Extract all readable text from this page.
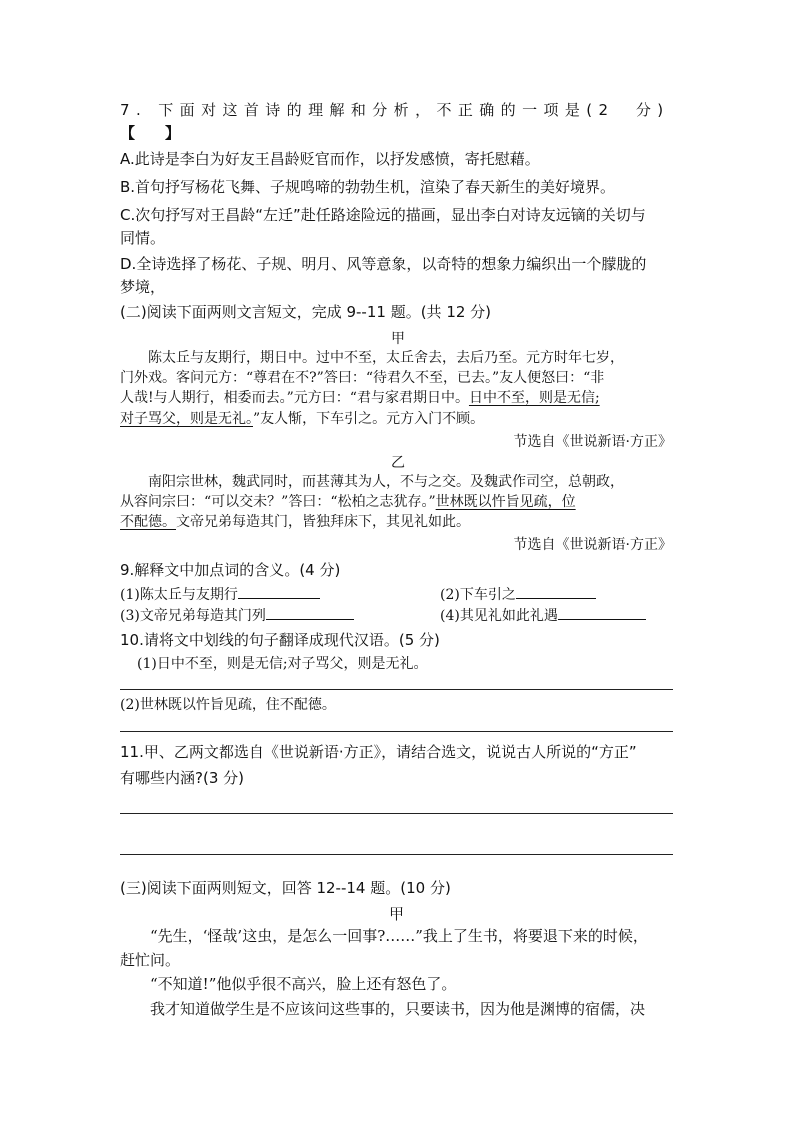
7. 下面对这首诗的理解和分析，不正确的一项是(2　分)
【　　】
A.此诗是李白为好友王昌龄贬官而作，以抒发感愤，寄托慰藉。
B.首句抒写杨花飞舞、子规鸣啼的勃勃生机，渲染了春天新生的美好境界。
C.次句抒写对王昌龄“左迁”赴任路途险远的描画，显出李白对诗友远镝的关切与
同情。
D.全诗选择了杨花、子规、明月、风等意象，以奇特的想象力编织出一个朦胧的
梦境，
(二)阅读下面两则文言短文，完成 9--11 题。(共 12 分)
甲
　　陈太丘与友期行，期日中。过中不至，太丘舍去，去后乃至。元方时年七岁，
门外戏。客问元方：“尊君在不?”答曰：“待君久不至，已去。”友人便怒曰：“非
人哉!与人期行，相委而去。”元方曰：“君与家君期日中。日中不至，则是无信;
对子骂父，则是无礼。”友人惭，下车引之。元方入门不顾。
节选自《世说新语·方正》
乙
　　南阳宗世林，魏武同时，而甚薄其为人，不与之交。及魏武作司空，总朝政，
从容问宗曰：“可以交未？”答曰：“松柏之志犹存。”世林既以忤旨见疏，位
不配德。文帝兄弟每造其门，皆独拜床下，其见礼如此。
节选自《世说新语·方正》
9.解释文中加点词的含义。(4 分)
(1)陈太丘与友期行	(2)下车引之
(3)文帝兄弟每造其门列	(4)其见礼如此礼遇
10.请将文中划线的句子翻译成现代汉语。(5 分)
(1)日中不至，则是无信;对子骂父，则是无礼。
(2)世林既以忤旨见疏，住不配德。
11.甲、乙两文都选自《世说新语·方正》，请结合选文，说说古人所说的“方正”
有哪些内涵?(3 分)
(三)阅读下面两则短文，回答 12--14 题。(10 分)
甲
　　“先生，‘怪哉’这虫，是怎么一回事?……”我上了生书，将要退下来的时候，
赶忙问。
　　“不知道!”他似乎很不高兴，脸上还有怒色了。
　　我才知道做学生是不应该问这些事的，只要读书，因为他是渊博的宿儒，决
